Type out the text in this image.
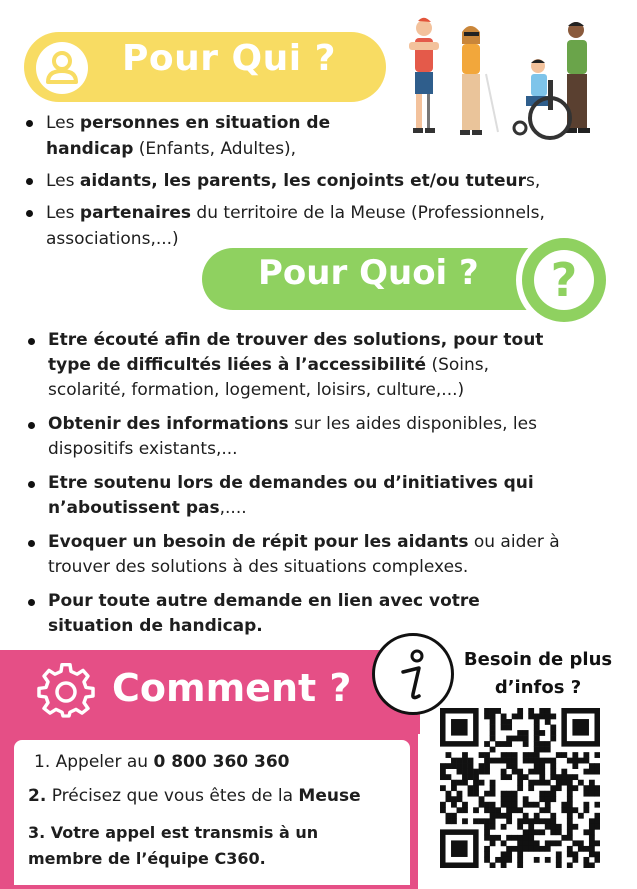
Pour Qui ?
Les personnes en situation de handicap (Enfants, Adultes),
Les aidants, les parents, les conjoints et/ou tuteurs,
Les partenaires du territoire de la Meuse (Professionnels, associations,...)
Pour Quoi ?	?
Etre écouté afin de trouver des solutions, pour tout type de difficultés liées à l’accessibilité (Soins, scolarité, formation, logement, loisirs, culture,...)
Obtenir des informations sur les aides disponibles, les dispositifs existants,...
Etre soutenu lors de demandes ou d’initiatives qui n’aboutissent pas,....
Evoquer un besoin de répit pour les aidants ou aider à trouver des solutions à des situations complexes.
Pour toute autre demande en lien avec votre situation de handicap.
Comment ?
1. Appeler au 0 800 360 360
2. Précisez que vous êtes de la Meuse
3. Votre appel est transmis à un membre de l’équipe C360.
Besoin de plus
d’infos ?
